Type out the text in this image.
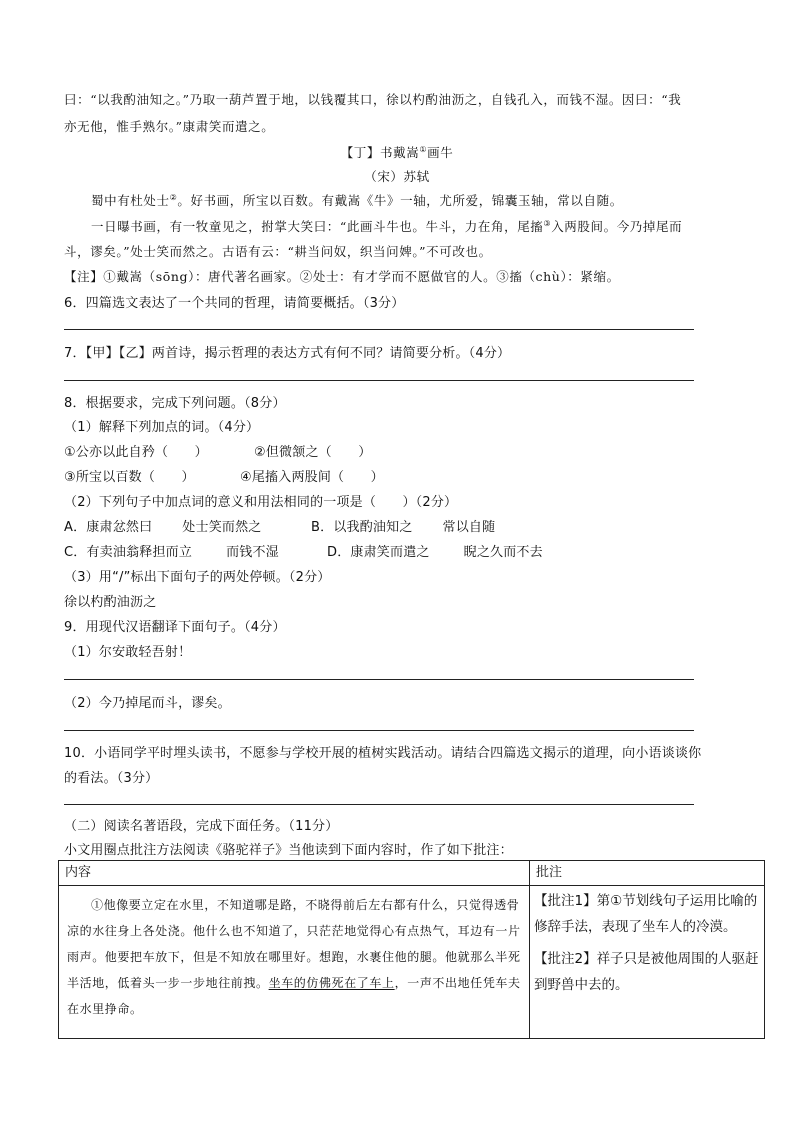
曰：“以我酌油知之。”乃取一葫芦置于地，以钱覆其口，徐以杓酌油沥之，自钱孔入，而钱不湿。因曰：“我
亦无他，惟手熟尔。”康肃笑而遣之。
【丁】书戴嵩①画牛
（宋）苏轼
蜀中有杜处士②。好书画，所宝以百数。有戴嵩《牛》一轴，尤所爱，锦囊玉轴，常以自随。
一日曝书画，有一牧童见之，拊掌大笑曰：“此画斗牛也。牛斗，力在角，尾搐③入两股间。今乃掉尾而
斗，谬矣。”处士笑而然之。古语有云：“耕当问奴，织当问婢。”不可改也。
【注】①戴嵩（sōng）：唐代著名画家。②处士：有才学而不愿做官的人。③搐（chù）：紧缩。
6．四篇选文表达了一个共同的哲理，请简要概括。（3分）
7．【甲】【乙】两首诗，揭示哲理的表达方式有何不同？请简要分析。（4分）
8．根据要求，完成下列问题。（8分）
（1）解释下列加点的词。（4分）
①公亦以此自矜（　　）	②但微颔之（　　）
③所宝以百数（　　）	④尾搐入两股间（　　）
（2）下列句子中加点词的意义和用法相同的一项是（　　）（2分）
A．康肃忿然曰 处士笑而然之	B．以我酌油知之 常以自随
C．有卖油翁释担而立	而钱不湿	D．康肃笑而遣之	睨之久而不去
（3）用“/”标出下面句子的两处停顿。（2分）
徐以杓酌油沥之
9．用现代汉语翻译下面句子。（4分）
（1）尔安敢轻吾射！
（2）今乃掉尾而斗，谬矣。
10．小语同学平时埋头读书，不愿参与学校开展的植树实践活动。请结合四篇选文揭示的道理，向小语谈谈你
的看法。（3分）
（二）阅读名著语段，完成下面任务。（11分）
小文用圈点批注方法阅读《骆驼祥子》当他读到下面内容时，作了如下批注：
内容	批注

①他像要立定在水里，不知道哪是路，不晓得前后左右都有什么，只觉得透骨凉的水往身上各处浇。他什么也不知道了，只茫茫地觉得心有点热气，耳边有一片雨声。他要把车放下，但是不知放在哪里好。想跑，水裹住他的腿。他就那么半死半活地，低着头一步一步地往前拽。坐车的仿佛死在了车上，一声不出地任凭车夫在水里挣命。	【批注1】第①节划线句子运用比喻的修辞手法，表现了坐车人的冷漠。

【批注2】祥子只是被他周围的人驱赶到野兽中去的。
